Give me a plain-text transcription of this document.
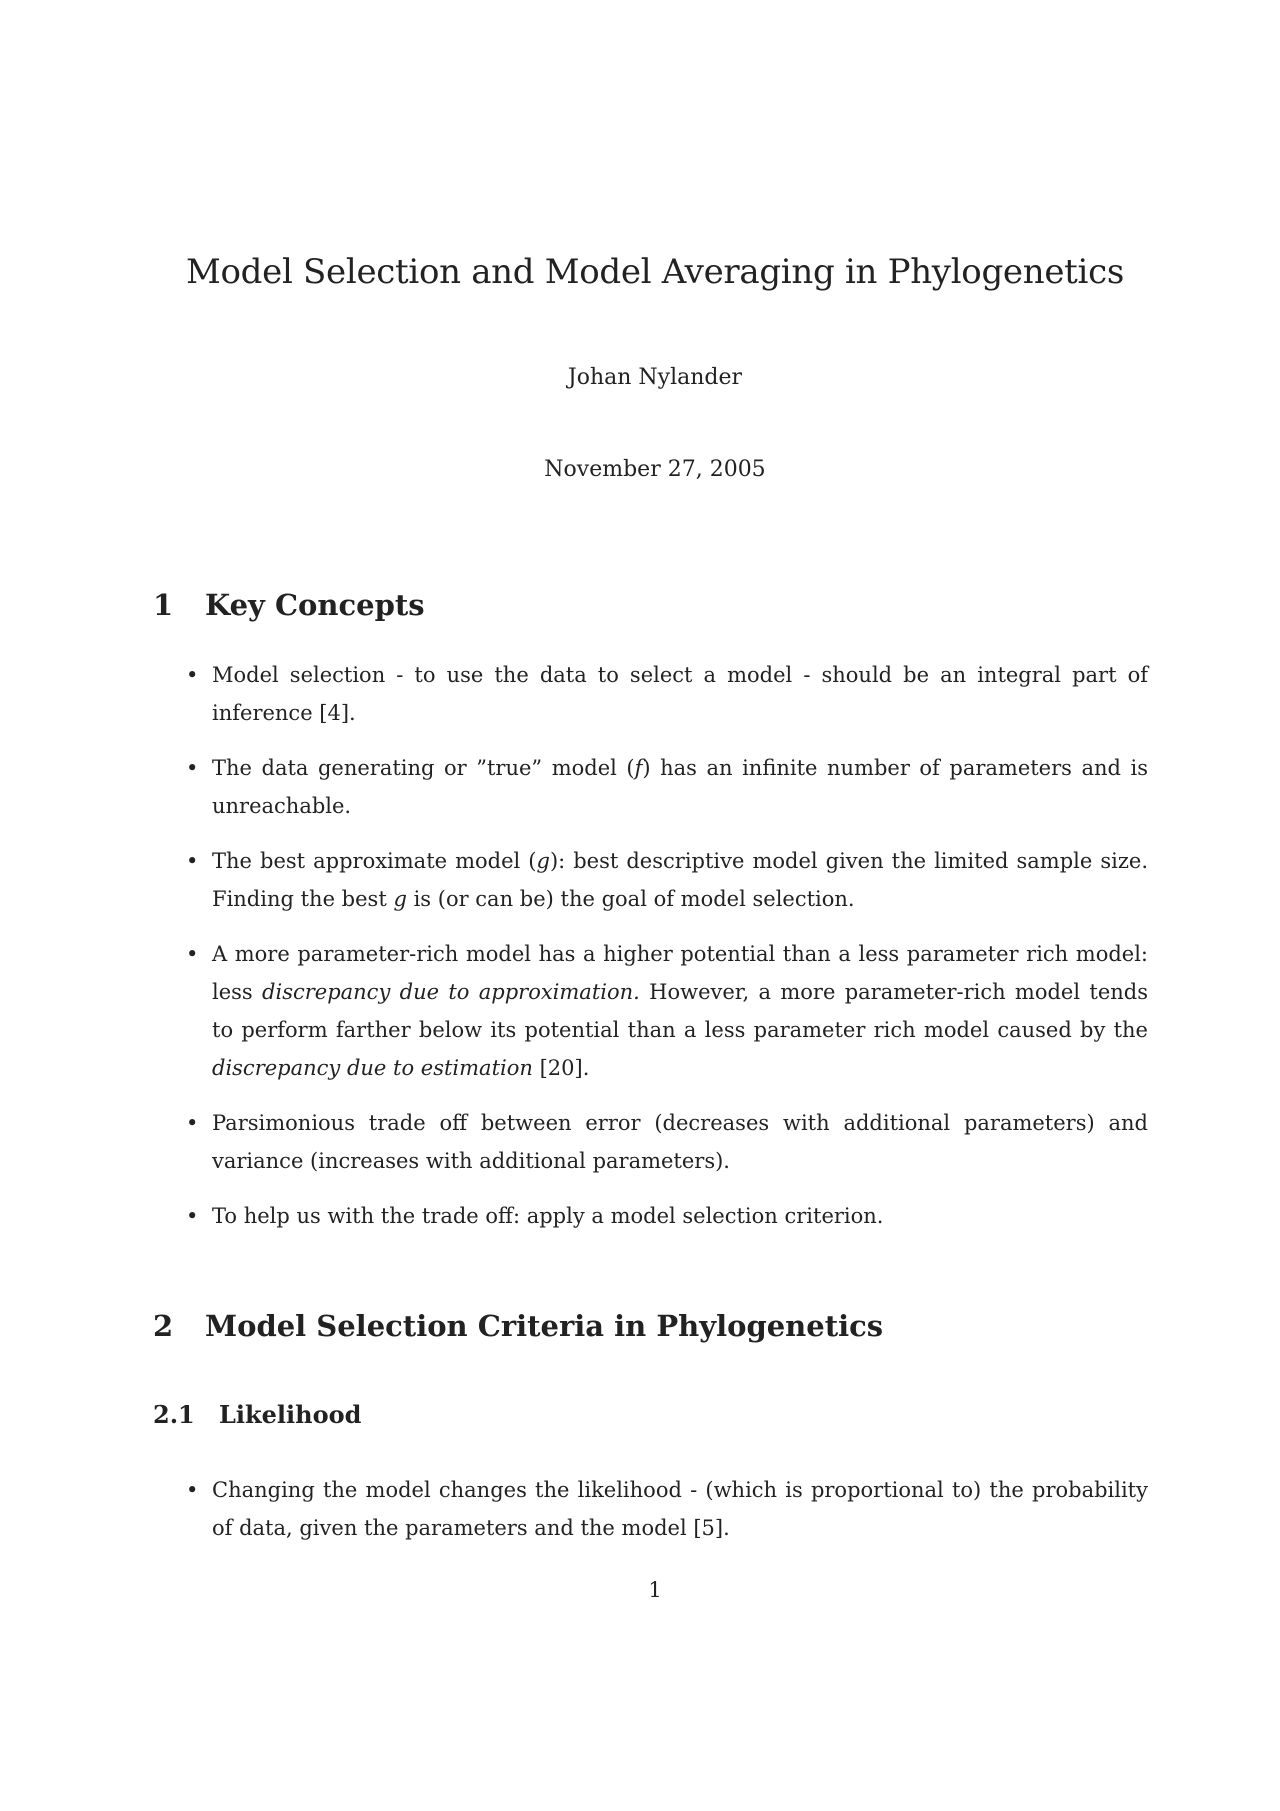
Model Selection and Model Averaging in Phylogenetics
Johan Nylander
November 27, 2005
1 Key Concepts
• Model selection - to use the data to select a model - should be an integral part of inference [4].
• The data generating or ”true” model (f) has an infinite number of parameters and is unreachable.
• The best approximate model (g): best descriptive model given the limited sample size. Finding the best g is (or can be) the goal of model selection.
• A more parameter-rich model has a higher potential than a less parameter rich model: less discrepancy due to approximation. However, a more parameter-rich model tends to perform farther below its potential than a less parameter rich model caused by the discrepancy due to estimation [20].
• Parsimonious trade off between error (decreases with additional parameters) and variance (increases with additional parameters).
• To help us with the trade off: apply a model selection criterion.
2 Model Selection Criteria in Phylogenetics
2.1 Likelihood
• Changing the model changes the likelihood - (which is proportional to) the probability of data, given the parameters and the model [5].
1
